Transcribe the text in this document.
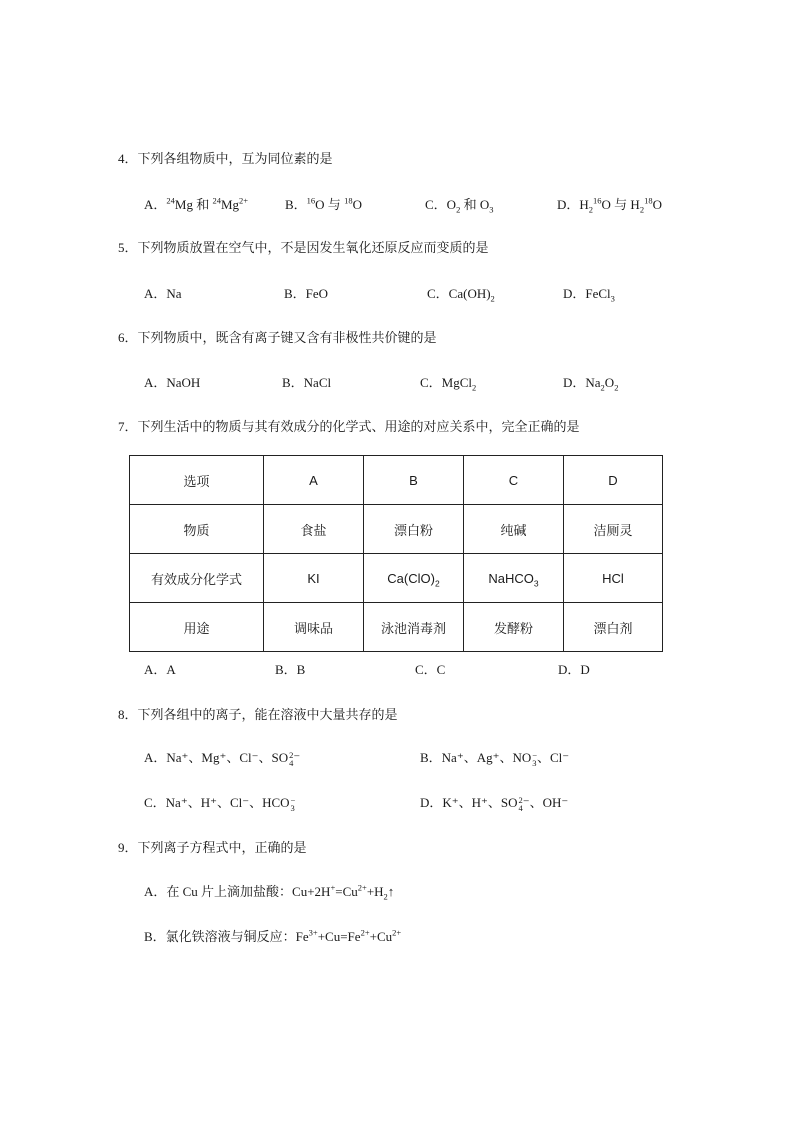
4．下列各组物质中，互为同位素的是
A．$^{24}$Mg 和 $^{24}Mg^{2+}$	B．$^{16}$O 与 $^{18}$O	C．$O_2$ 和 $O_3$	D．$H_2^{16}O$ 与 $H_2^{18}O$
5．下列物质放置在空气中，不是因发生氧化还原反应而变质的是
A．Na	B．FeO	C．$Ca(OH)_2$	D．FeCl$_3$
6．下列物质中，既含有离子键又含有非极性共价键的是
A．NaOH	B．NaCl	C．MgCl$_2$	D．$Na_2O_2$
7．下列生活中的物质与其有效成分的化学式、用途的对应关系中，完全正确的是
选项	A	B	C	D
物质	食盐	漂白粉	纯碱	洁厕灵
有效成分化学式	KI	$Ca(ClO)_2$	NaHCO$_3$	HCl
用途	调味品	泳池消毒剂	发酵粉	漂白剂
A．A	B．B	C．C	D．D
8．下列各组中的离子，能在溶液中大量共存的是
A．Na⁺、Mg⁺、Cl⁻、SO 2
4 ⁻	B．Na⁺、Ag⁺、NO −
3 、Cl⁻
C．Na⁺、H⁺、Cl⁻、HCO −
3	D．K⁺、H⁺、SO 2
4 ⁻、OH⁻
9．下列离子方程式中，正确的是
A．在 Cu 片上滴加盐酸：$Cu+2H^+=Cu^{2+}+H_2↑$
B．氯化铁溶液与铜反应：$Fe^{3+}+Cu=Fe^{2+}+Cu^{2+}$
